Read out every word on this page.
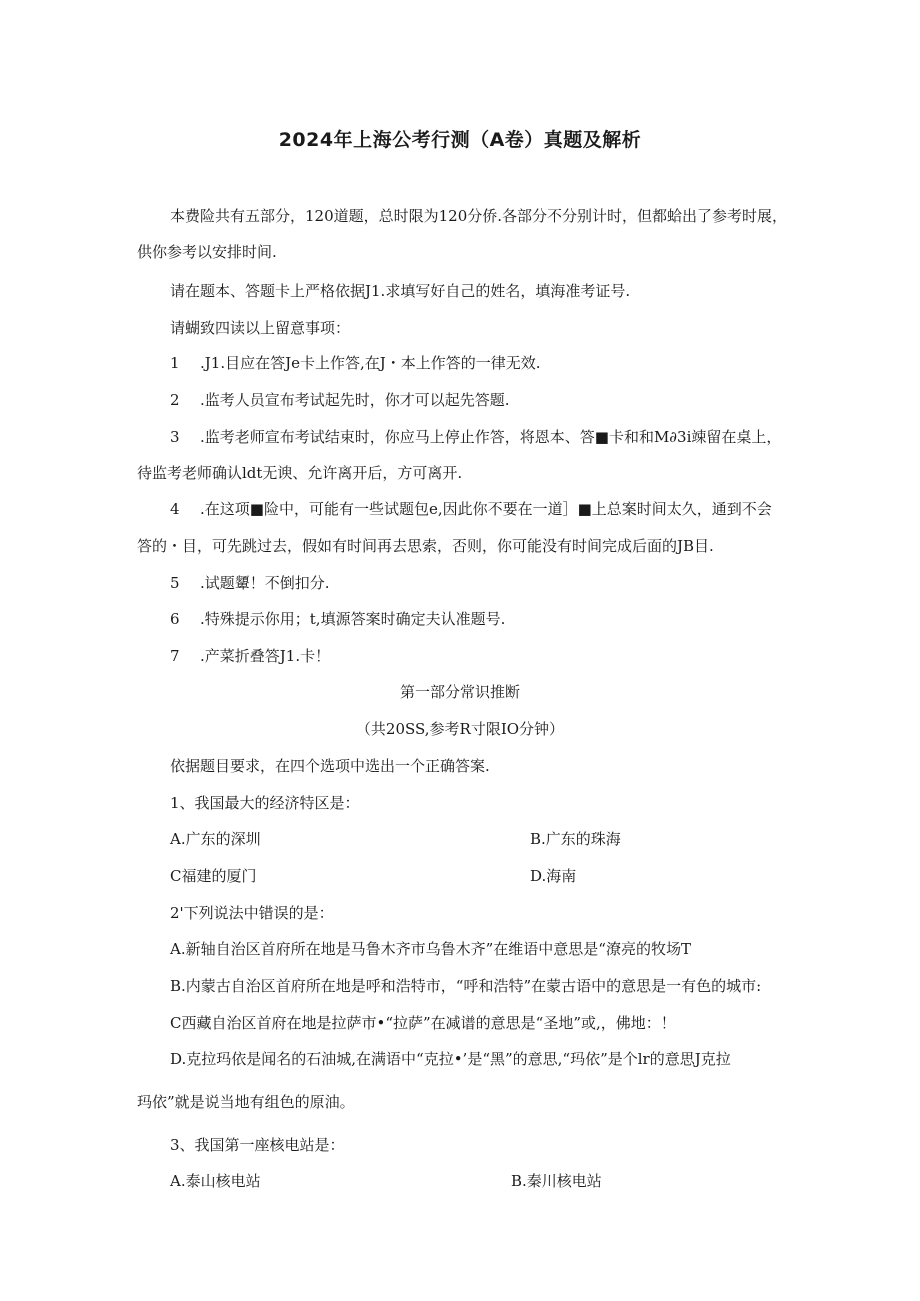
2024年上海公考行测（A卷）真题及解析
本费险共有五部分，120道题，总时限为120分侨.各部分不分别计时，但都蛤出了参考时展，
供你参考以安排时间.
请在题本、答题卡上严格依据J1.求填写好自己的姓名，填海准考证号.
请蝴致四读以上留意事项：
1 .J1.目应在答Je卡上作答,在J・本上作答的一律无效.
2 .监考人员宣布考试起先时，你才可以起先答题.
3 .监考老师宣布考试结束时，你应马上停止作答，将恩本、答■卡和和M∂3i竦留在桌上，
待监考老师确认ldt无谀、允许离开后，方可离开.
4 .在这项■险中，可能有一些试题包e,因此你不要在一道］■上总案时间太久，通到不会
答的・目，可先跳过去，假如有时间再去思索，否则，你可能没有时间完成后面的JB目.
5 .试题顰！不倒扣分.
6 .特殊提示你用；t,填源答案时确定夫认准题号.
7 .产菜折叠答J1.卡！
第一部分常识推断
（共20SS,参考R寸限IO分钟）
依据题目要求，在四个选项中选出一个正确答案.
1、我国最大的经济特区是：
A.广东的深圳	B.广东的珠海
C福建的厦门	D.海南
2'下列说法中错误的是：
A.新轴自治区首府所在地是马鲁木齐市乌鲁木齐”在维语中意思是“潦亮的牧场T
B.内蒙古自治区首府所在地是呼和浩特市，“呼和浩特”在蒙古语中的意思是一有色的城市:
C西藏自治区首府在地是拉萨市•“拉萨”在减谱的意思是“圣地”或,，佛地：！
D.克拉玛依是闻名的石油城,在满语中“克拉•’是“黑”的意思,“玛依”是个lr的意思J克拉
玛依”就是说当地有组色的原油。
3、我国第一座核电站是：
A.泰山核电站	B.秦川核电站
